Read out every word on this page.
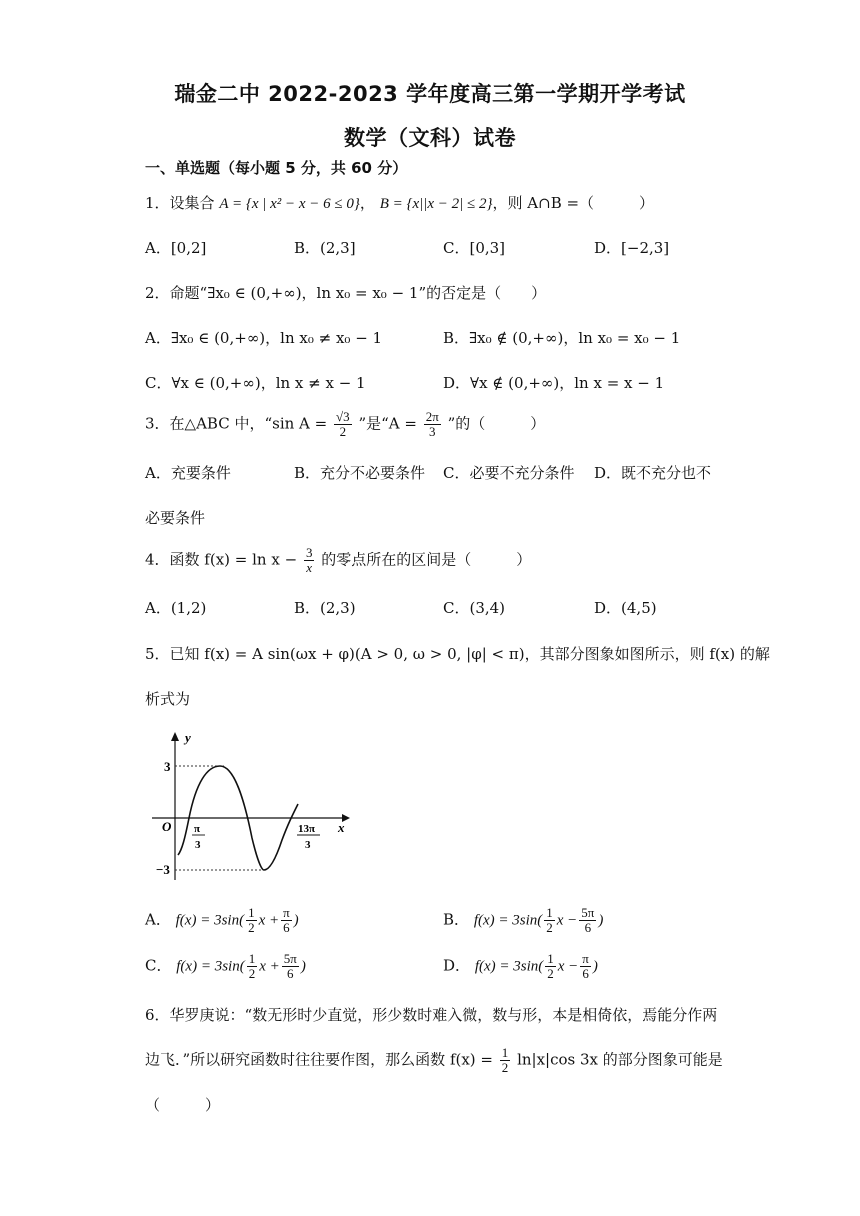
瑞金二中 2022-2023 学年度高三第一学期开学考试
数学（文科）试卷
一、单选题（每小题 5 分，共 60 分）
1．设集合 A = {x | x² − x − 6 ≤ 0}， B = {x||x − 2| ≤ 2}，则 A∩B =（　　　）
A．[0,2]	B．(2,3]	C．[0,3]	D．[−2,3]
2．命题“∃x₀ ∈ (0,+∞)，ln x₀ = x₀ − 1”的否定是（　　）
A．∃x₀ ∈ (0,+∞)，ln x₀ ≠ x₀ − 1	B．∃x₀ ∉ (0,+∞)，ln x₀ = x₀ − 1
C．∀x ∈ (0,+∞)，ln x ≠ x − 1	D．∀x ∉ (0,+∞)，ln x = x − 1
3．在△ABC 中，“sin $A = \frac{√3}{2}$ ”是“$A = \frac{2\pi}{3}$ ”的（　　　）
A．充要条件	B．充分不必要条件 C．必要不充分条件 D．既不充分也不
必要条件
4．函数 $f(x) = \ln x - \frac{3}{x}$ 的零点所在的区间是（　　　）
A．(1,2)	B．(2,3)	C．(3,4)	D．(4,5)
5．已知 f(x) = A sin(ωx + φ)(A > 0, ω > 0, |φ| < π)，其部分图象如图所示，则 f(x) 的解
析式为
y
x
O
3
−3
π
3
13π
3
A． $f(x) = 3\sin( \frac{1}{2}$ $x + \frac{\pi}{6}$ )	B． $f(x) = 3\sin( \frac{1}{2}$ $x - \frac{5\pi}{6}$ )
C． $f(x) = 3\sin( \frac{1}{2}$ $x + \frac{5\pi}{6}$ )	D． $f(x) = 3\sin( \frac{1}{2}$ $x - \frac{\pi}{6}$ )
6．华罗庚说：“数无形时少直觉，形少数时难入微，数与形，本是相倚依，焉能分作两
边飞．”所以研究函数时往往要作图，那么函数 $f(x) = \frac{1}{2} \ln|x|\cos$ 3x 的部分图象可能是
（　　　）
